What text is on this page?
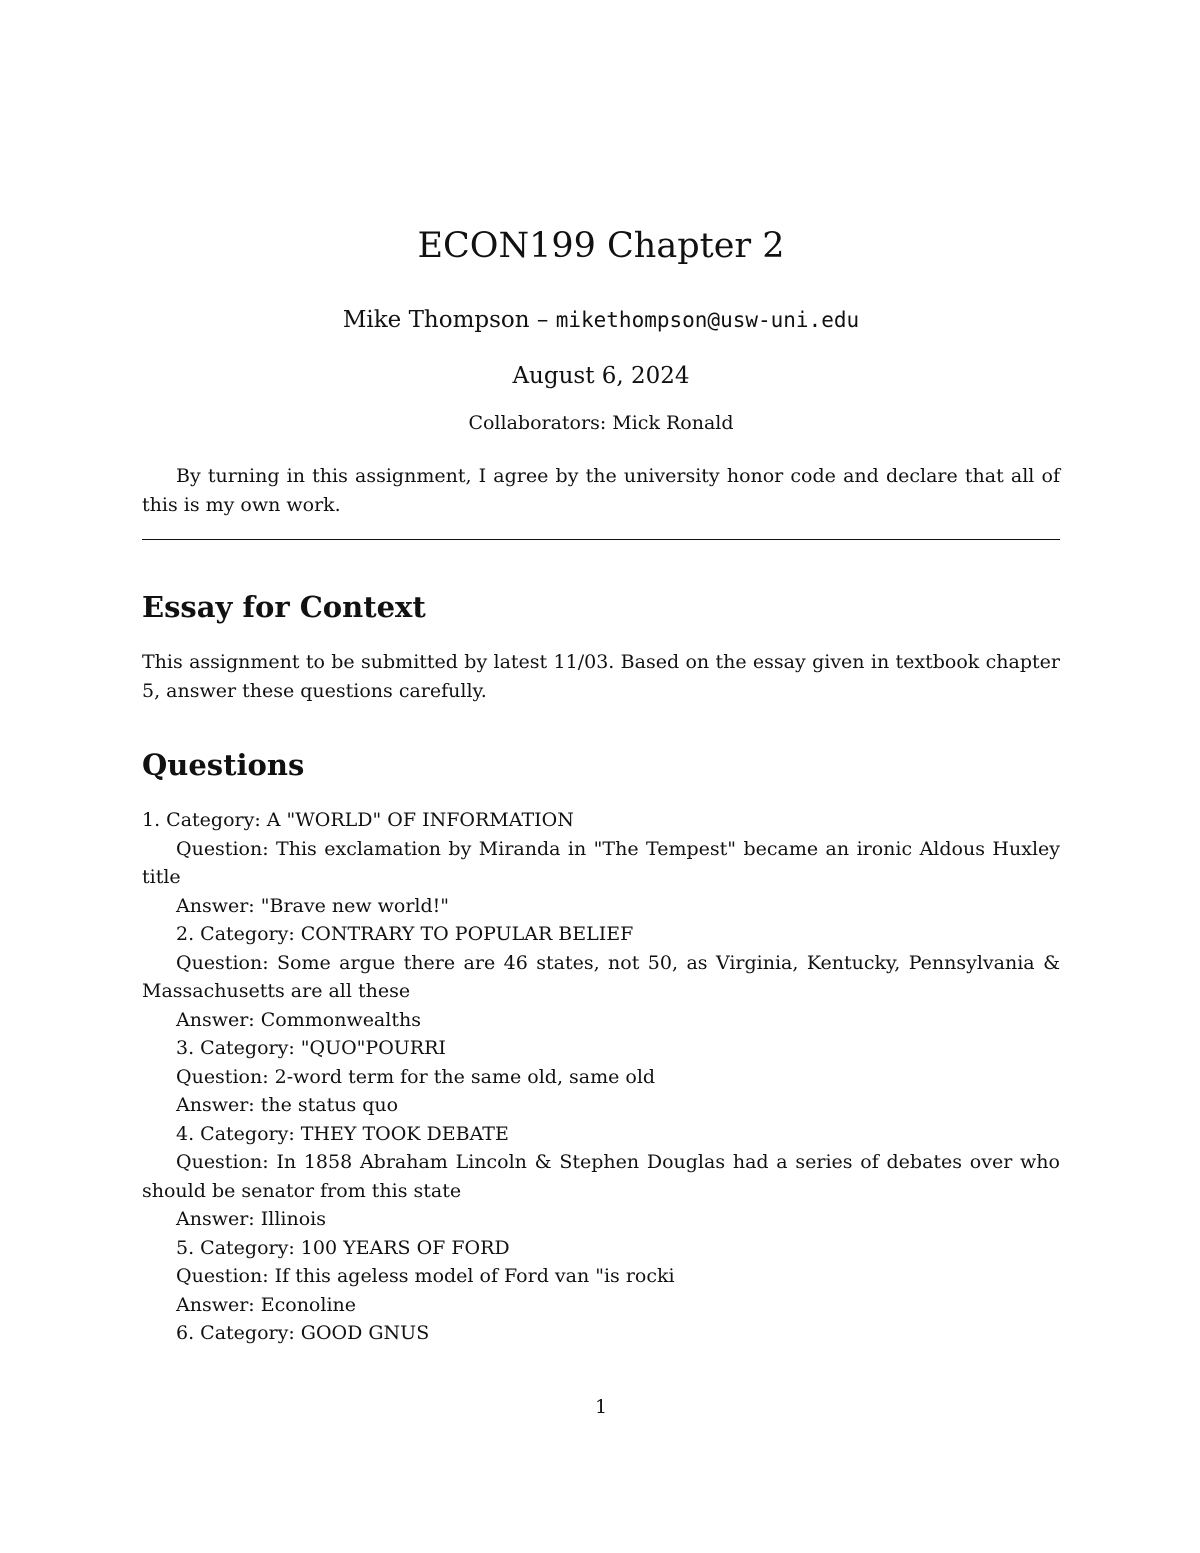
ECON199 Chapter 2
Mike Thompson – mikethompson@usw-uni.edu
August 6, 2024
Collaborators: Mick Ronald

By turning in this assignment, I agree by the university honor code and declare that all of this is my own work.

Essay for Context

This assignment to be submitted by latest 11/03. Based on the essay given in textbook chapter 5, answer these questions carefully.

Questions

1. Category: A "WORLD" OF INFORMATION

Question: This exclamation by Miranda in "The Tempest" became an ironic Aldous Huxley title

Answer: "Brave new world!"

2. Category: CONTRARY TO POPULAR BELIEF

Question: Some argue there are 46 states, not 50, as Virginia, Kentucky, Pennsylvania & Massachusetts are all these

Answer: Commonwealths

3. Category: "QUO"POURRI

Question: 2-word term for the same old, same old

Answer: the status quo

4. Category: THEY TOOK DEBATE

Question: In 1858 Abraham Lincoln & Stephen Douglas had a series of debates over who should be senator from this state

Answer: Illinois

5. Category: 100 YEARS OF FORD

Question: If this ageless model of Ford van "is rocki

Answer: Econoline

6. Category: GOOD GNUS

1
